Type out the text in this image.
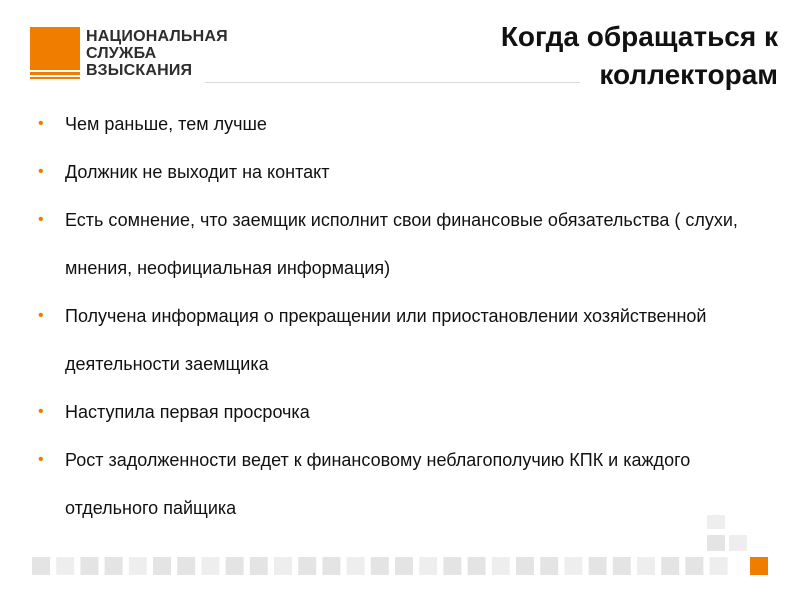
НАЦИОНАЛЬНАЯ
СЛУЖБА
ВЗЫСКАНИЯ
Когда обращаться к коллекторам
• Чем раньше, тем лучше
• Должник не выходит на контакт
• Есть сомнение, что заемщик исполнит свои финансовые обязательства ( слухи, мнения, неофициальная информация)
• Получена информация о прекращении или приостановлении хозяйственной деятельности заемщика
• Наступила первая просрочка
• Рост задолженности ведет к финансовому неблагополучию КПК и каждого отдельного пайщика
